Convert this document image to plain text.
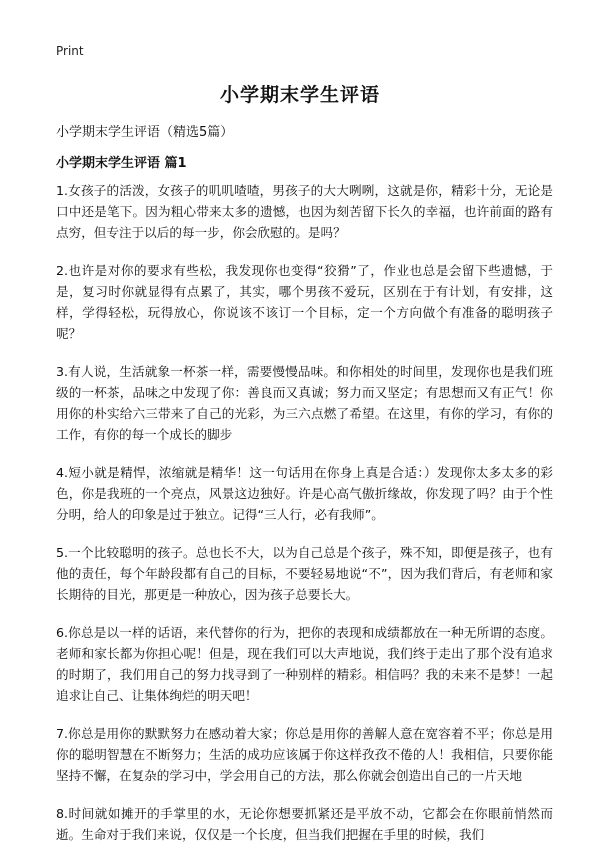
Print
小学期末学生评语
小学期末学生评语（精选5篇）
小学期末学生评语 篇1

1.女孩子的活泼，女孩子的叽叽喳喳，男孩子的大大咧咧，这就是你，精彩十分，无论是口中还是笔下。因为粗心带来太多的遗憾，也因为刻苦留下长久的幸福，也许前面的路有点穷，但专注于以后的每一步，你会欣慰的。是吗？

2.也许是对你的要求有些松，我发现你也变得“狡猾”了，作业也总是会留下些遗憾，于是，复习时你就显得有点累了，其实，哪个男孩不爱玩，区别在于有计划，有安排，这样，学得轻松，玩得放心，你说该不该订一个目标，定一个方向做个有准备的聪明孩子呢？

3.有人说，生活就象一杯茶一样，需要慢慢品味。和你相处的时间里，发现你也是我们班级的一杯茶，品味之中发现了你：善良而又真诚；努力而又坚定；有思想而又有正气！你用你的朴实给六三带来了自己的光彩，为三六点燃了希望。在这里，有你的学习，有你的工作，有你的每一个成长的脚步

4.短小就是精悍，浓缩就是精华！这一句话用在你身上真是合适：）发现你太多太多的彩色，你是我班的一个亮点，风景这边独好。许是心高气傲折缘故，你发现了吗？由于个性分明，给人的印象是过于独立。记得“三人行，必有我师”。

5.一个比较聪明的孩子。总也长不大，以为自己总是个孩子，殊不知，即便是孩子，也有他的责任，每个年龄段都有自己的目标，不要轻易地说“不”，因为我们背后，有老师和家长期待的目光，那更是一种放心，因为孩子总要长大。

6.你总是以一样的话语，来代替你的行为，把你的表现和成绩都放在一种无所谓的态度。老师和家长都为你担心呢！但是，现在我们可以大声地说，我们终于走出了那个没有追求的时期了，我们用自己的努力找寻到了一种别样的精彩。相信吗？我的未来不是梦！一起追求让自己、让集体绚烂的明天吧！

7.你总是用你的默默努力在感动着大家；你总是用你的善解人意在宽容着不平；你总是用你的聪明智慧在不断努力；生活的成功应该属于你这样孜孜不倦的人！我相信，只要你能坚持不懈，在复杂的学习中，学会用自己的方法，那么你就会创造出自己的一片天地

8.时间就如摊开的手掌里的水，无论你想要抓紧还是平放不动，它都会在你眼前悄然而逝。生命对于我们来说，仅仅是一个长度，但当我们把握在手里的时候，我们
